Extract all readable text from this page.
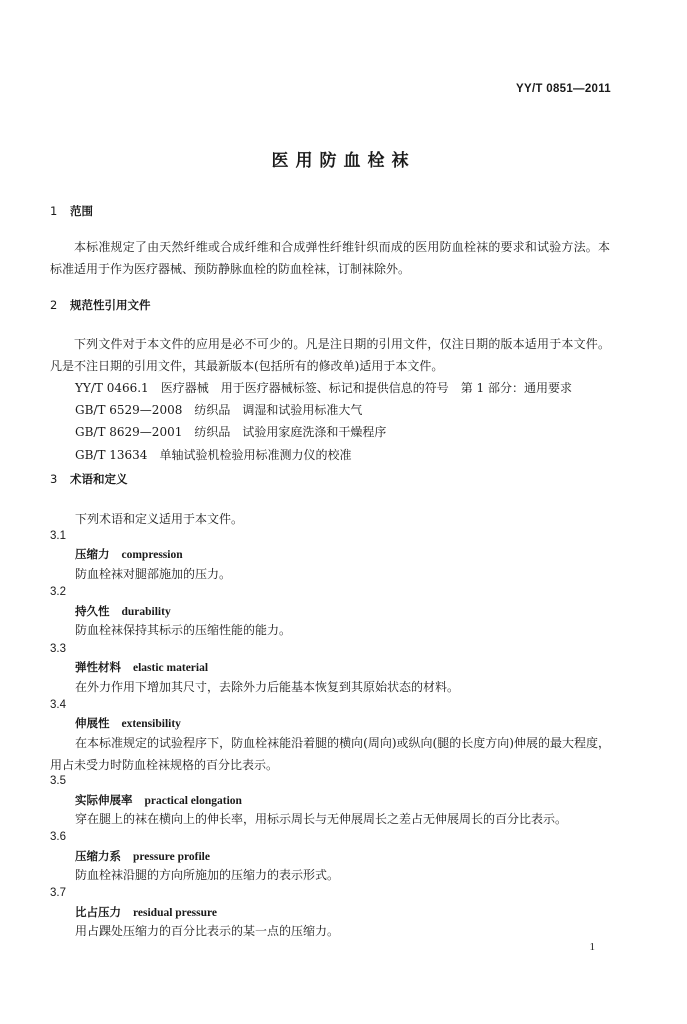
YY/T 0851—2011
医用防血栓袜
1 范围

本标准规定了由天然纤维或合成纤维和合成弹性纤维针织而成的医用防血栓袜的要求和试验方法。本标准适用于作为医疗器械、预防静脉血栓的防血栓袜，订制袜除外。

2 规范性引用文件

下列文件对于本文件的应用是必不可少的。凡是注日期的引用文件，仅注日期的版本适用于本文件。凡是不注日期的引用文件，其最新版本(包括所有的修改单)适用于本文件。

YY/T 0466.1　医疗器械　用于医疗器械标签、标记和提供信息的符号　第 1 部分：通用要求
GB/T 6529—2008　纺织品　调湿和试验用标准大气
GB/T 8629—2001　纺织品　试验用家庭洗涤和干燥程序
GB/T 13634　单轴试验机检验用标准测力仪的校准
3 术语和定义
下列术语和定义适用于本文件。
3.1
压缩力 compression

防血栓袜对腿部施加的压力。

3.2
持久性 durability

防血栓袜保持其标示的压缩性能的能力。

3.3
弹性材料 elastic material

在外力作用下增加其尺寸，去除外力后能基本恢复到其原始状态的材料。

3.4
伸展性 extensibility

在本标准规定的试验程序下，防血栓袜能沿着腿的横向(周向)或纵向(腿的长度方向)伸展的最大程度，用占未受力时防血栓袜规格的百分比表示。

3.5
实际伸展率 practical elongation

穿在腿上的袜在横向上的伸长率，用标示周长与无伸展周长之差占无伸展周长的百分比表示。

3.6
压缩力系 pressure profile

防血栓袜沿腿的方向所施加的压缩力的表示形式。

3.7
比占压力 residual pressure

用占踝处压缩力的百分比表示的某一点的压缩力。

1
